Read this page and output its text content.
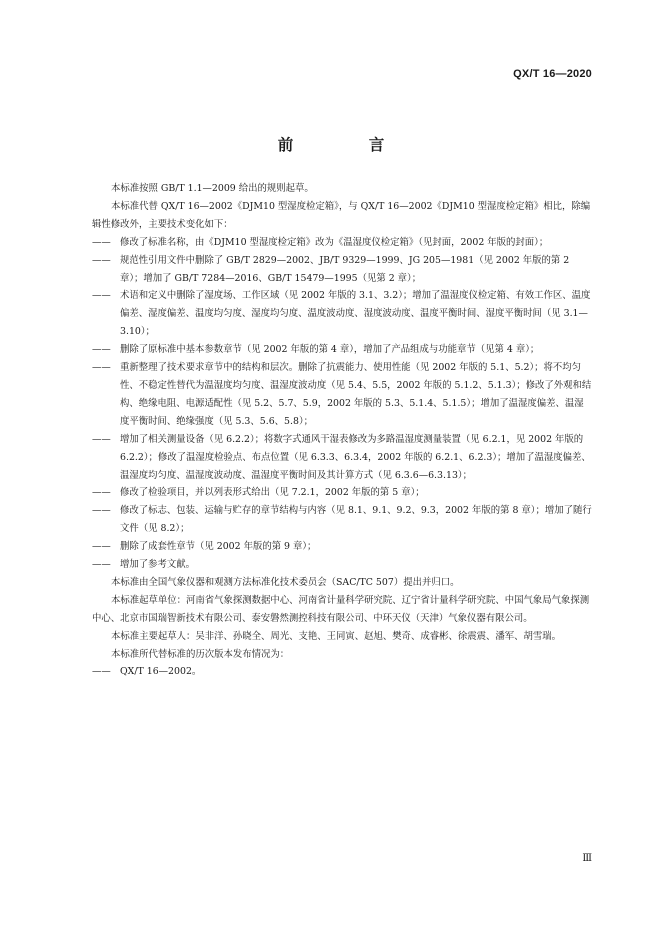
QX/T 16—2020
前　言

本标准按照 GB/T 1.1—2009 给出的规则起草。

本标准代替 QX/T 16—2002《DJM10 型湿度检定箱》，与 QX/T 16—2002《DJM10 型湿度检定箱》相比，除编辑性修改外，主要技术变化如下：

—— 修改了标准名称，由《DJM10 型湿度检定箱》改为《温湿度仪检定箱》（见封面，2002 年版的封面）；

—— 规范性引用文件中删除了 GB/T 2829—2002、JB/T 9329—1999、JG 205—1981（见 2002 年版的第 2 章）；增加了 GB/T 7284—2016、GB/T 15479—1995（见第 2 章）；

—— 术语和定义中删除了湿度场、工作区域（见 2002 年版的 3.1、3.2）；增加了温湿度仪检定箱、有效工作区、温度偏差、湿度偏差、温度均匀度、湿度均匀度、温度波动度、湿度波动度、温度平衡时间、湿度平衡时间（见 3.1—3.10）；

—— 删除了原标准中基本参数章节（见 2002 年版的第 4 章），增加了产品组成与功能章节（见第 4 章）；

—— 重新整理了技术要求章节中的结构和层次。删除了抗震能力、使用性能（见 2002 年版的 5.1、5.2）；将不均匀性、不稳定性替代为温湿度均匀度、温湿度波动度（见 5.4、5.5，2002 年版的 5.1.2、5.1.3）；修改了外观和结构、绝缘电阻、电源适配性（见 5.2、5.7、5.9，2002 年版的 5.3、5.1.4、5.1.5）；增加了温湿度偏差、温湿度平衡时间、绝缘强度（见 5.3、5.6、5.8）；

—— 增加了相关测量设备（见 6.2.2）；将数字式通风干湿表修改为多路温湿度测量装置（见 6.2.1，见 2002 年版的 6.2.2）；修改了温湿度检验点、布点位置（见 6.3.3、6.3.4，2002 年版的 6.2.1、6.2.3）；增加了温湿度偏差、温湿度均匀度、温湿度波动度、温湿度平衡时间及其计算方式（见 6.3.6—6.3.13）；

—— 修改了检验项目，并以列表形式给出（见 7.2.1，2002 年版的第 5 章）；

—— 修改了标志、包装、运输与贮存的章节结构与内容（见 8.1、9.1、9.2、9.3，2002 年版的第 8 章）；增加了随行文件（见 8.2）；

—— 删除了成套性章节（见 2002 年版的第 9 章）；

—— 增加了参考文献。

本标准由全国气象仪器和观测方法标准化技术委员会（SAC/TC 507）提出并归口。

本标准起草单位：河南省气象探测数据中心、河南省计量科学研究院、辽宁省计量科学研究院、中国气象局气象探测中心、北京市国瑞智新技术有限公司、泰安磐然测控科技有限公司、中环天仪（天津）气象仪器有限公司。

本标准主要起草人：吴非洋、孙晓全、周光、支艳、王同寅、赵旭、樊奇、成睿彬、徐震震、潘军、胡雪瑞。

本标准所代替标准的历次版本发布情况为：

—— QX/T 16—2002。

Ⅲ
